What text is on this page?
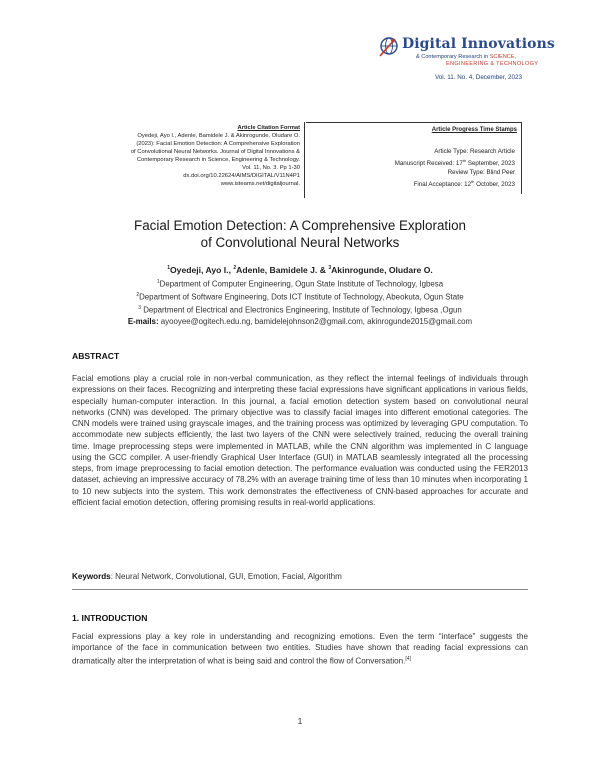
Digital Innovations
& Contemporary Research in SCIENCE,
ENGINEERING & TECHNOLOGY
Vol. 11. No. 4, December, 2023
Article Citation Format
Oyedeji, Ayo I., Adenle, Bamidele J. & Akinrogunde, Oludare O.
(2023): Facial Emotion Detection: A Comprehensive Exploration
of Convolutional Neural Networks. Journal of Digital Innovations &
Contemporary Research in Science, Engineering & Technology.
Vol. 11, No. 3. Pp 1-30
dx.doi.org/10.22624/AIMS/DIGITAL/V11N4P1
www.isteams.net/digitaljournal.
Article Progress Time Stamps
Article Type: Research Article
Manuscript Received: 17th September, 2023
Review Type: Blind Peer
Final Acceptance: 12th October, 2023
Facial Emotion Detection: A Comprehensive Exploration
of Convolutional Neural Networks
$^1$Oyedeji, Ayo I., $^2$Adenle, Bamidele J. & $^3$Akinrogunde, Oludare O.
$^1$Department of Computer Engineering, Ogun State Institute of Technology, Igbesa
$^2$Department of Software Engineering, Dots ICT Institute of Technology, Abeokuta, Ogun State
$^3$ Department of Electrical and Electronics Engineering, Institute of Technology, Igbesa ,Ogun
E-mails: ayooyee@ogitech.edu.ng, bamidelejohnson2@gmail.com, akinrogunde2015@gmail.com
ABSTRACT
Facial emotions play a crucial role in non-verbal communication, as they reflect the internal feelings of individuals through expressions on their faces. Recognizing and interpreting these facial expressions have significant applications in various fields, especially human-computer interaction. In this journal, a facial emotion detection system based on convolutional neural networks (CNN) was developed. The primary objective was to classify facial images into different emotional categories. The CNN models were trained using grayscale images, and the training process was optimized by leveraging GPU computation. To accommodate new subjects efficiently, the last two layers of the CNN were selectively trained, reducing the overall training time. Image preprocessing steps were implemented in MATLAB, while the CNN algorithm was implemented in C language using the GCC compiler. A user-friendly Graphical User Interface (GUI) in MATLAB seamlessly integrated all the processing steps, from image preprocessing to facial emotion detection. The performance evaluation was conducted using the FER2013 dataset, achieving an impressive accuracy of 78.2% with an average training time of less than 10 minutes when incorporating 1 to 10 new subjects into the system. This work demonstrates the effectiveness of CNN-based approaches for accurate and efficient facial emotion detection, offering promising results in real-world applications.
Keywords: Neural Network, Convolutional, GUI, Emotion, Facial, Algorithm
1. INTRODUCTION
Facial expressions play a key role in understanding and recognizing emotions. Even the term “interface” suggests the importance of the face in communication between two entities. Studies have shown that reading facial expressions can dramatically alter the interpretation of what is being said and control the flow of Conversation.[4]
1
